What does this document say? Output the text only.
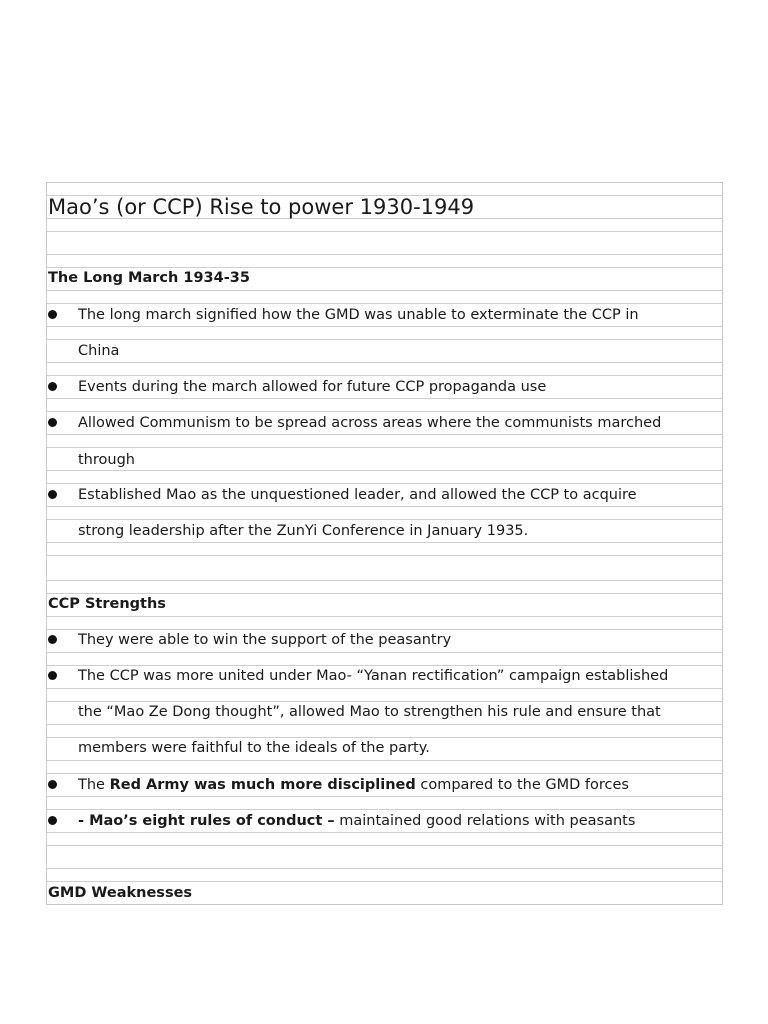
Mao’s (or CCP) Rise to power 1930-1949
The Long March 1934-35
The long march signified how the GMD was unable to exterminate the CCP in
China
Events during the march allowed for future CCP propaganda use
Allowed Communism to be spread across areas where the communists marched
through
Established Mao as the unquestioned leader, and allowed the CCP to acquire
strong leadership after the ZunYi Conference in January 1935.
CCP Strengths
They were able to win the support of the peasantry
The CCP was more united under Mao- “Yanan rectification” campaign established
the “Mao Ze Dong thought”, allowed Mao to strengthen his rule and ensure that
members were faithful to the ideals of the party.
The Red Army was much more disciplined compared to the GMD forces
- Mao’s eight rules of conduct – maintained good relations with peasants
GMD Weaknesses
